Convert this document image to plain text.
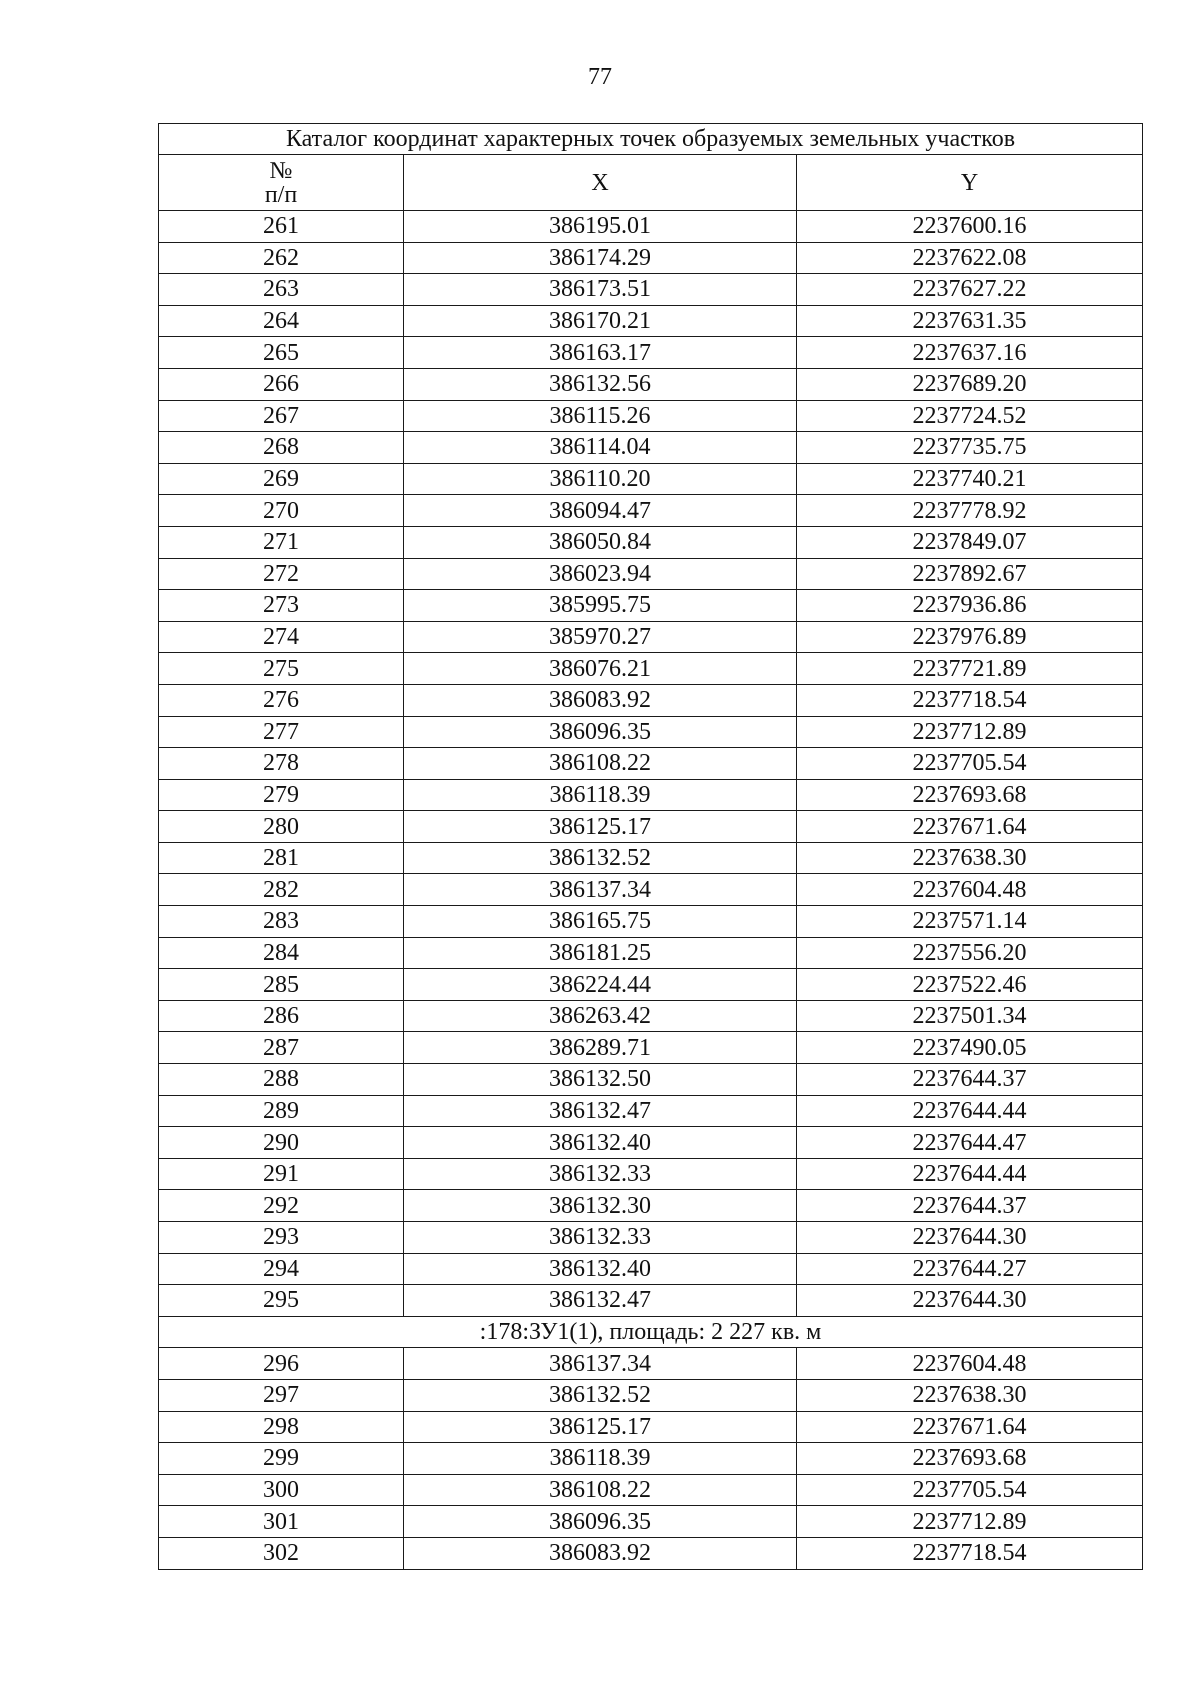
77
Каталог координат характерных точек образуемых земельных участков		

№
п/п	X	Y
261	386195.01	2237600.16
262	386174.29	2237622.08
263	386173.51	2237627.22
264	386170.21	2237631.35
265	386163.17	2237637.16
266	386132.56	2237689.20
267	386115.26	2237724.52
268	386114.04	2237735.75
269	386110.20	2237740.21
270	386094.47	2237778.92
271	386050.84	2237849.07
272	386023.94	2237892.67
273	385995.75	2237936.86
274	385970.27	2237976.89
275	386076.21	2237721.89
276	386083.92	2237718.54
277	386096.35	2237712.89
278	386108.22	2237705.54
279	386118.39	2237693.68
280	386125.17	2237671.64
281	386132.52	2237638.30
282	386137.34	2237604.48
283	386165.75	2237571.14
284	386181.25	2237556.20
285	386224.44	2237522.46
286	386263.42	2237501.34
287	386289.71	2237490.05
288	386132.50	2237644.37
289	386132.47	2237644.44
290	386132.40	2237644.47
291	386132.33	2237644.44
292	386132.30	2237644.37
293	386132.33	2237644.30
294	386132.40	2237644.27
295	386132.47	2237644.30
:178:ЗУ1(1), площадь: 2 227 кв. м		
296	386137.34	2237604.48
297	386132.52	2237638.30
298	386125.17	2237671.64
299	386118.39	2237693.68
300	386108.22	2237705.54
301	386096.35	2237712.89
302	386083.92	2237718.54
